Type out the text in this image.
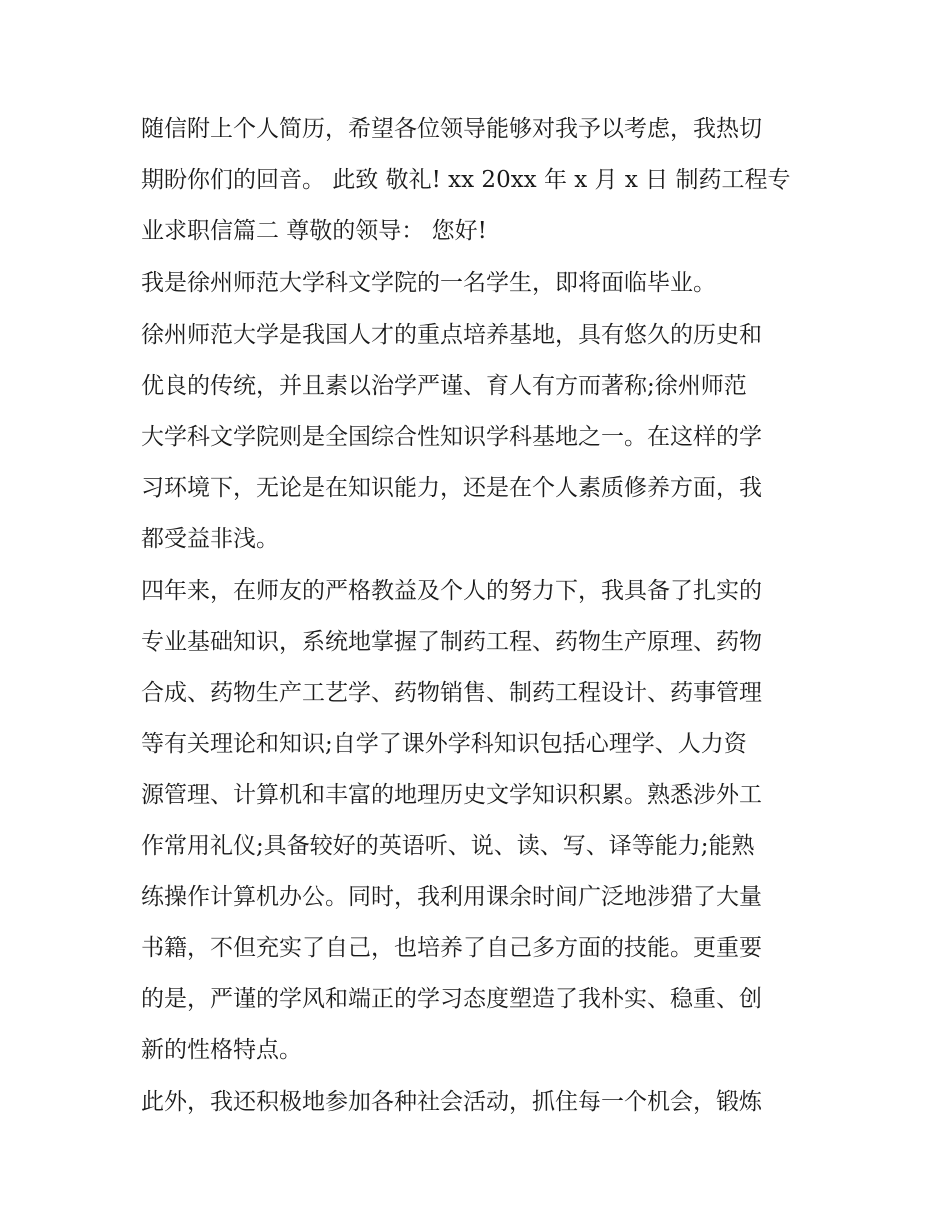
随信附上个人简历，希望各位领导能够对我予以考虑，我热切
期盼你们的回音。 此致 敬礼! xx 20xx 年 x 月 x 日 制药工程专
业求职信篇二 尊敬的领导： 您好!

我是徐州师范大学科文学院的一名学生，即将面临毕业。

徐州师范大学是我国人才的重点培养基地，具有悠久的历史和
优良的传统，并且素以治学严谨、育人有方而著称;徐州师范
大学科文学院则是全国综合性知识学科基地之一。在这样的学
习环境下，无论是在知识能力，还是在个人素质修养方面，我
都受益非浅。

四年来，在师友的严格教益及个人的努力下，我具备了扎实的
专业基础知识，系统地掌握了制药工程、药物生产原理、药物
合成、药物生产工艺学、药物销售、制药工程设计、药事管理
等有关理论和知识;自学了课外学科知识包括心理学、人力资
源管理、计算机和丰富的地理历史文学知识积累。熟悉涉外工
作常用礼仪;具备较好的英语听、说、读、写、译等能力;能熟
练操作计算机办公。同时，我利用课余时间广泛地涉猎了大量
书籍，不但充实了自己，也培养了自己多方面的技能。更重要
的是，严谨的学风和端正的学习态度塑造了我朴实、稳重、创
新的性格特点。

此外，我还积极地参加各种社会活动，抓住每一个机会，锻炼
